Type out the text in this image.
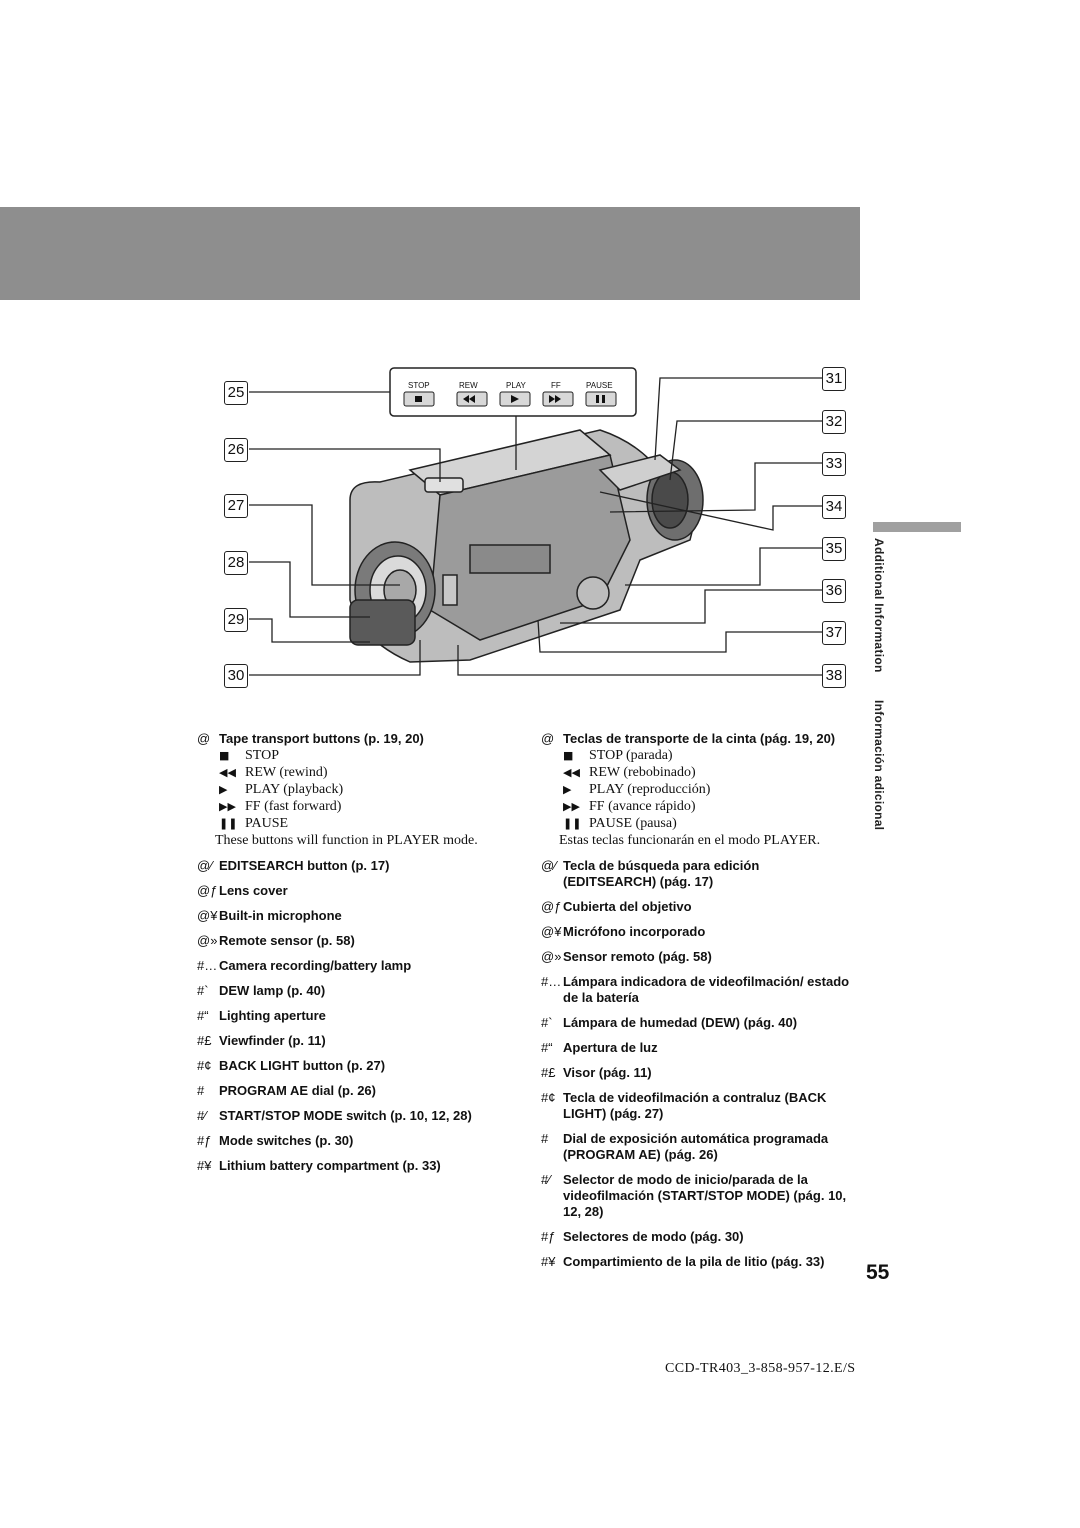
Additional Information
Información adicional
STOP	REW	PLAY	FF	PAUSE
25
26
27
28
29
30
31
32
33
34
35
36
37
38
@ Tape transport buttons (p. 19, 20)
■ STOP
◀◀ REW (rewind)
▶ PLAY (playback)
▶▶ FF (fast forward)
❚❚ PAUSE
These buttons will function in PLAYER mode.
@⁄ EDITSEARCH button (p. 17)
@ƒ Lens cover
@¥ Built-in microphone
@» Remote sensor (p. 58)
#… Camera recording/battery lamp
#` DEW lamp (p. 40)
#“ Lighting aperture
#£ Viewfinder (p. 11)
#¢ BACK LIGHT button (p. 27)
# PROGRAM AE dial (p. 26)
#⁄ START/STOP MODE switch (p. 10, 12, 28)
#ƒ Mode switches (p. 30)
#¥ Lithium battery compartment (p. 33)
@ Teclas de transporte de la cinta (pág. 19, 20)
■ STOP (parada)
◀◀ REW (rebobinado)
▶ PLAY (reproducción)
▶▶ FF (avance rápido)
❚❚ PAUSE (pausa)
Estas teclas funcionarán en el modo PLAYER.
@⁄ Tecla de búsqueda para edición (EDITSEARCH) (pág. 17)
@ƒ Cubierta del objetivo
@¥ Micrófono incorporado
@» Sensor remoto (pág. 58)
#… Lámpara indicadora de videofilmación/ estado de la batería
#` Lámpara de humedad (DEW) (pág. 40)
#“ Apertura de luz
#£ Visor (pág. 11)
#¢ Tecla de videofilmación a contraluz (BACK LIGHT) (pág. 27)
# Dial de exposición automática programada (PROGRAM AE) (pág. 26)
#⁄ Selector de modo de inicio/parada de la videofilmación (START/STOP MODE) (pág. 10, 12, 28)
#ƒ Selectores de modo (pág. 30)
#¥ Compartimiento de la pila de litio (pág. 33)	55
CCD-TR403_3-858-957-12.E/S
